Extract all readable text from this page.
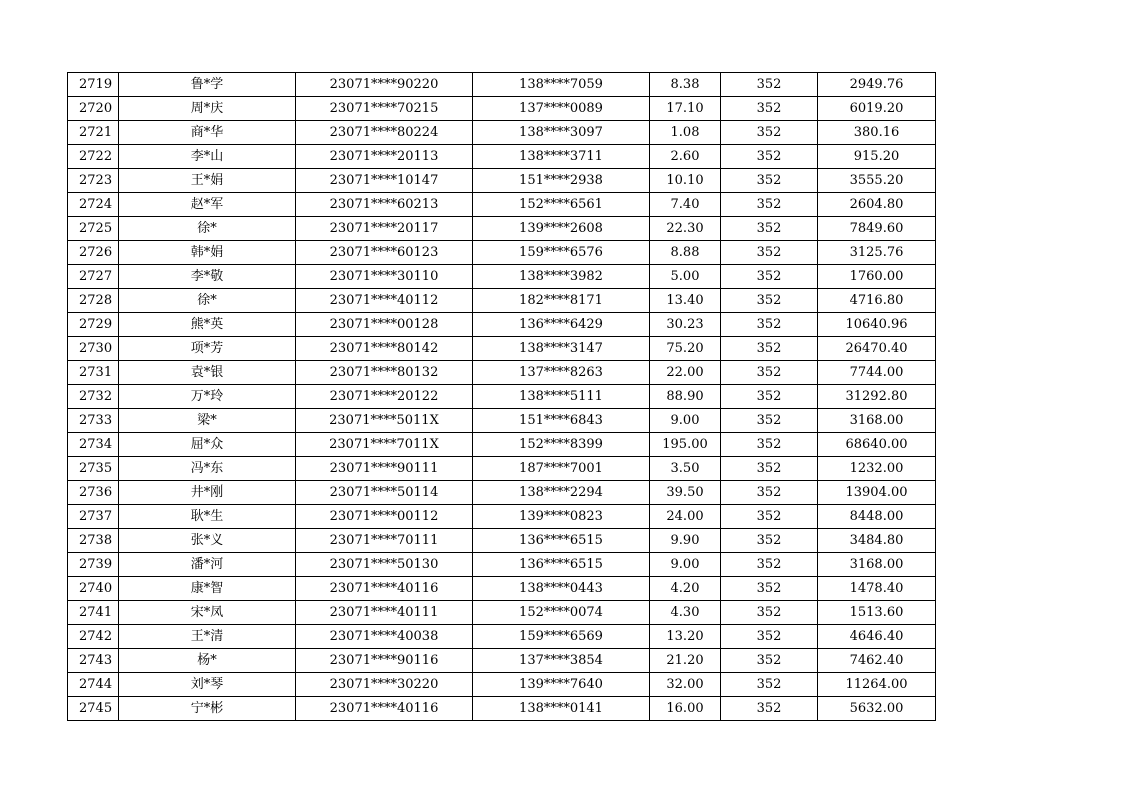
2719	鲁*学	23071****90220	138****7059	8.38	352	2949.76
2720	周*庆	23071****70215	137****0089	17.10	352	6019.20
2721	商*华	23071****80224	138****3097	1.08	352	380.16
2722	李*山	23071****20113	138****3711	2.60	352	915.20
2723	王*娟	23071****10147	151****2938	10.10	352	3555.20
2724	赵*军	23071****60213	152****6561	7.40	352	2604.80
2725	徐*	23071****20117	139****2608	22.30	352	7849.60
2726	韩*娟	23071****60123	159****6576	8.88	352	3125.76
2727	李*敬	23071****30110	138****3982	5.00	352	1760.00
2728	徐*	23071****40112	182****8171	13.40	352	4716.80
2729	熊*英	23071****00128	136****6429	30.23	352	10640.96
2730	项*芳	23071****80142	138****3147	75.20	352	26470.40
2731	袁*银	23071****80132	137****8263	22.00	352	7744.00
2732	万*玲	23071****20122	138****5111	88.90	352	31292.80
2733	梁*	23071****5011X	151****6843	9.00	352	3168.00
2734	屈*众	23071****7011X	152****8399	195.00	352	68640.00
2735	冯*东	23071****90111	187****7001	3.50	352	1232.00
2736	井*刚	23071****50114	138****2294	39.50	352	13904.00
2737	耿*生	23071****00112	139****0823	24.00	352	8448.00
2738	张*义	23071****70111	136****6515	9.90	352	3484.80
2739	潘*河	23071****50130	136****6515	9.00	352	3168.00
2740	康*智	23071****40116	138****0443	4.20	352	1478.40
2741	宋*凤	23071****40111	152****0074	4.30	352	1513.60
2742	王*清	23071****40038	159****6569	13.20	352	4646.40
2743	杨*	23071****90116	137****3854	21.20	352	7462.40
2744	刘*琴	23071****30220	139****7640	32.00	352	11264.00
2745	宁*彬	23071****40116	138****0141	16.00	352	5632.00
